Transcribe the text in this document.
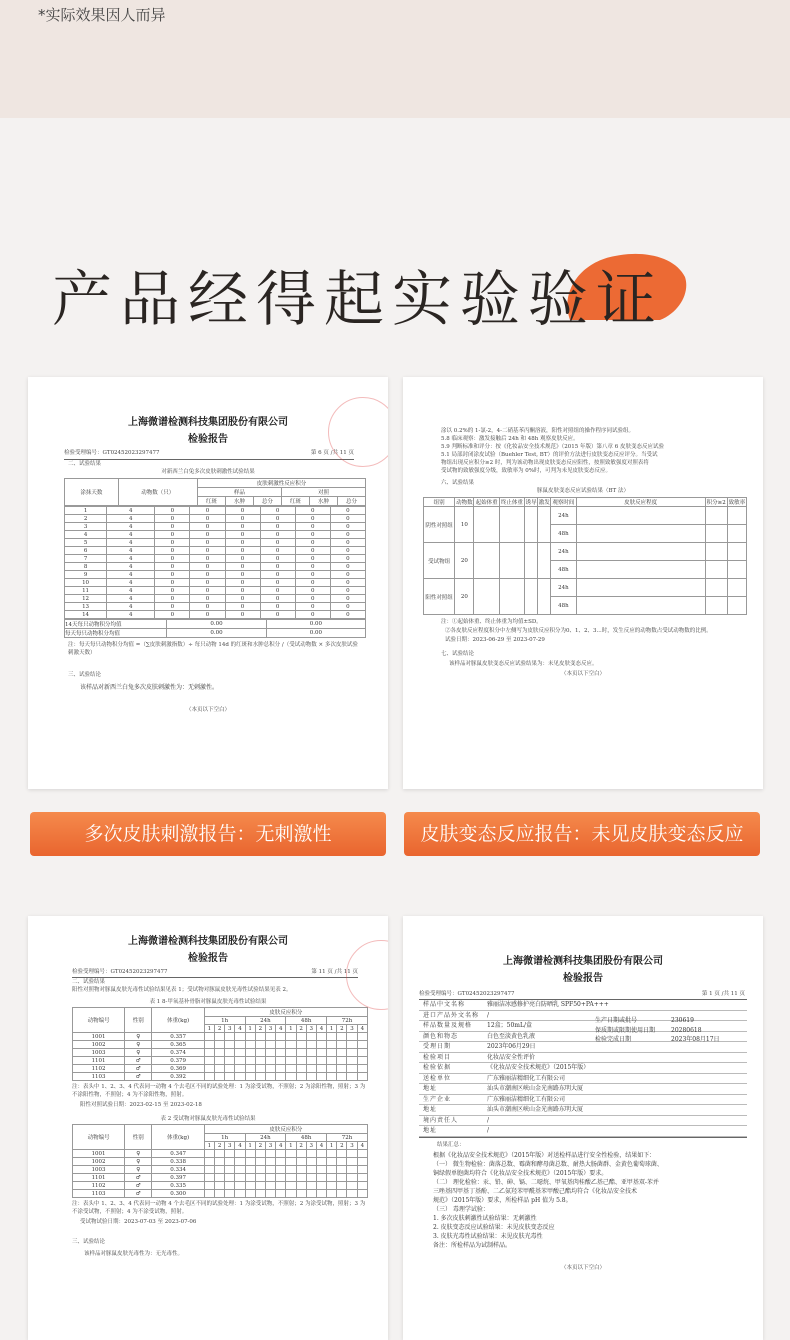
*实际效果因人而异
产品经得起实验验证
上海微谱检测科技集团股份有限公司
检验报告
检验受理编号：GT02452023297477	第 6 页 /共 11 页
二、试验结果
对新西兰白兔多次皮肤刺激性试验结果
涂抹天数	动物数（只）	皮肤刺激性反应积分					
		样品			对照		
		红斑	水肿	总分	红斑	水肿	总分
1	4	0	0	0	0	0	0
2	4	0	0	0	0	0	0
3	4	0	0	0	0	0	0
4	4	0	0	0	0	0	0
5	4	0	0	0	0	0	0
6	4	0	0	0	0	0	0
7	4	0	0	0	0	0	0
8	4	0	0	0	0	0	0
9	4	0	0	0	0	0	0
10	4	0	0	0	0	0	0
11	4	0	0	0	0	0	0
12	4	0	0	0	0	0	0
13	4	0	0	0	0	0	0
14	4	0	0	0	0	0	0
14天每只动物积分均值	0.00	0.00
每天每只动物积分均值	0.00	0.00
注：每天每只动物积分均值 =（∑皮肤刺激指数）÷ 每只动物 14d 的红斑和水肿总积分 /（受试动物数 × 多次皮肤试验刺激天数）
三、试验结论
该样品对新西兰白兔多次皮肤刺激性为：无刺激性。
（本页以下空白）
涂以 0.2%的 1-氯-2，4-二硝基苯丙酮溶液，阳性对照组的操作程序同试验组。
5.8 临床观察：激发接触后 24h 和 48h 观察皮肤反应。
5.9 判断标准和评分：按《化妆品安全技术规范》（2015 年版）第八章 6 皮肤变态反应试验
5.1 局部封闭涂皮试验（Buehler Test, BT）的评价方法进行皮肤变态反应评分。当受试
物组出现反应积分≥2 时，判为该动物出现皮肤变态反应阳性，按照致敏强度对照表将
受试物的致敏强度分级，致敏率为 0%时，可判为未见皮肤变态反应。
六、试验结果
豚鼠皮肤变态反应试验结果（BT 法）
组别	动物数	起始体重	终止体重	诱导	激发	观察时间	皮肤反应程度	积分≥2	致敏率
阴性对照组	10					24h			
						48h			
受试物组	20					24h			
						48h			
阳性对照组	20					24h			
						48h			
注：①起始体重、终止体重为均值±SD。
②各皮肤反应程度积分中左侧写为皮肤反应积分为0、1、2、3...时，发生反应的动物数占受试动物数的比例。
试验日期：2023-06-29 至 2023-07-29
七、试验结论
该样品对豚鼠皮肤变态反应试验结果为：未见皮肤变态反应。
（本页以下空白）
多次皮肤刺激报告：无刺激性	皮肤变态反应报告：未见皮肤变态反应
上海微谱检测科技集团股份有限公司
检验报告
检验受理编号：GT02452023297477	第 11 页 /共 11 页
二、试验结果
阳性对照物对豚鼠皮肤光毒性试验结果见表 1；受试物对豚鼠皮肤光毒性试验结果见表 2。
表 1 8-甲氧基补骨脂对豚鼠皮肤光毒性试验结果
动物编号	性别	体重(kg)	皮肤反应积分															
			1h				24h				48h				72h			
			1	2	3	4	1	2	3	4	1	2	3	4	1	2	3	4
1001	♀	0.357																
1002	♀	0.365																
1003	♀	0.374																
1101	♂	0.379																
1102	♂	0.369																
1103	♂	0.392																
注：表头中 1、2、3、4 代表同一动物 4 个去毛区不同的试验处理：1 为涂受试物，不照射；2 为涂阳性物，照射；3 为不涂阳性物，不照射；4 为不涂阳性物，照射。
阳性对照试验日期：2023-02-15 至 2023-02-18
表 2 受试物对豚鼠皮肤光毒性试验结果
动物编号	性别	体重(kg)	皮肤反应积分															
			1h				24h				48h				72h			
			1	2	3	4	1	2	3	4	1	2	3	4	1	2	3	4
1001	♀	0.347																
1002	♀	0.338																
1003	♀	0.334																
1101	♂	0.397																
1102	♂	0.335																
1103	♂	0.300																
注：表头中 1、2、3、4 代表同一动物 4 个去毛区不同的试验处理：1 为涂受试物，不照射；2 为涂受试物，照射；3 为不涂受试物，不照射；4 为不涂受试物，照射。
受试物试验日期：2023-07-03 至 2023-07-06
三、试验结论
该样品对豚鼠皮肤光毒性为：无光毒性。
上海微谱检测科技集团股份有限公司
检验报告
检验受理编号：GT02452023297477	第 1 页 /共 11 页
样品中文名称	雅丽洁冰感修护亮白防晒乳 SPF50+PA+++
进口产品外文名称	/
样品数量及规格	12盒；50mL/盒
颜色和物态	白色至淡黄色乳液
受理日期	2023年06月29日
检验项目	化妆品安全性评价
检验依据	《化妆品安全技术规范》（2015年版）
送检单位	广东雅丽洁精细化工有限公司
地址	汕头市潮南区峡山金光南路东明大厦
生产企业	广东雅丽洁精细化工有限公司
地址	汕头市潮南区峡山金光南路东明大厦
境内责任人	/
地址	/
生产日期或批号	230619
保质期或限期使用日期	20280618
检验完成日期	2023年08月17日
结果汇总：
根据《化妆品安全技术规范》（2015年版）对送检样品进行安全性检验，结果如下：
（一） 微生物检验：菌落总数、霉菌和酵母菌总数、耐热大肠菌群、金黄色葡萄球菌、
铜绿假单胞菌均符合《化妆品安全技术规范》（2015年版）要求。
（二） 理化检验：汞、铅、砷、镉、二噁烷、甲氧基肉桂酸乙基己酯、亚甲基双-苯并
三唑基四甲基丁基酚、二乙氨羟苯甲酰基苯甲酸己酯均符合《化妆品安全技术
规范》（2015年版）要求，所检样品 pH 值为 5.8。
（三） 毒理学试验：
1. 多次皮肤刺激性试验结果：无刺激性
2. 皮肤变态反应试验结果：未见皮肤变态反应
3. 皮肤光毒性试验结果：未见皮肤光毒性
备注：所检样品为试制样品。
（本页以下空白）
